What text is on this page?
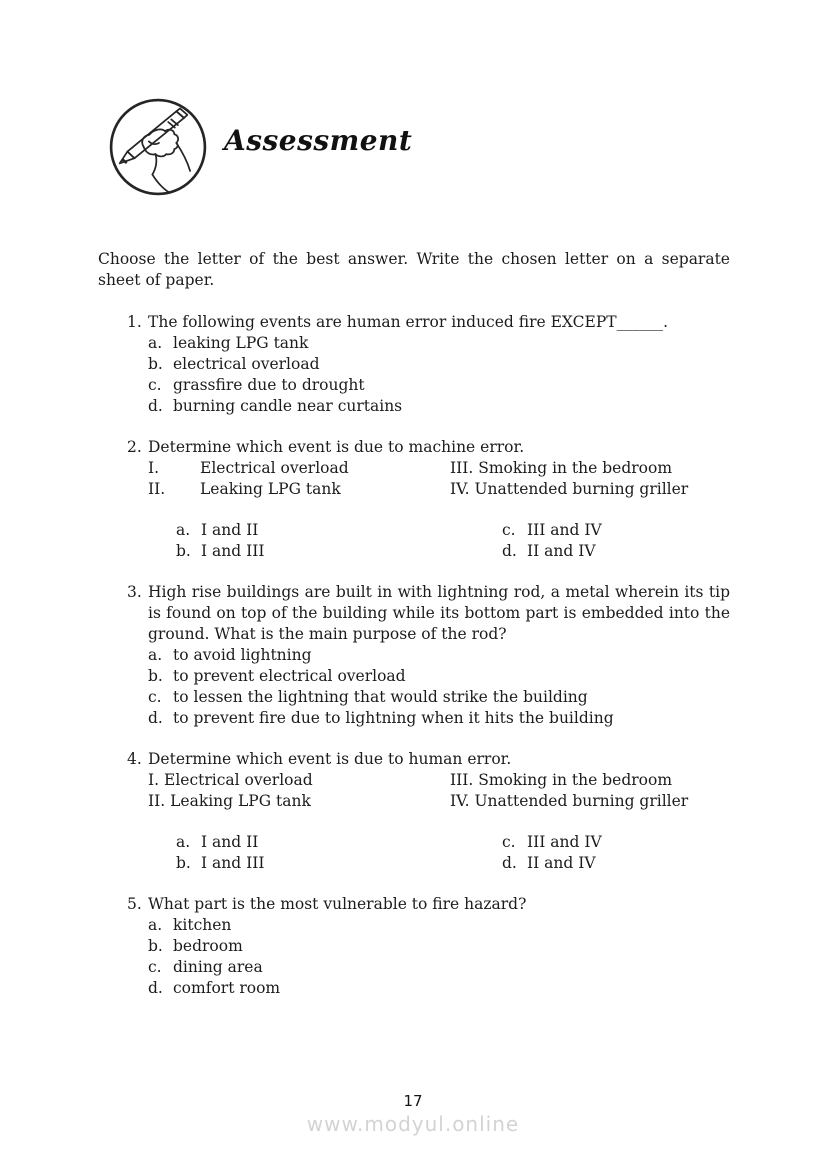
Assessment

Choose the letter of the best answer. Write the chosen letter on a separate sheet of paper.

1. The following events are human error induced fire EXCEPT______.
a. leaking LPG tank
b. electrical overload
c. grassfire due to drought
d. burning candle near curtains
2. Determine which event is due to machine error.
I.	Electrical overload	III. Smoking in the bedroom
II.	Leaking LPG tank	IV. Unattended burning griller
a. I and II	c. III and IV
b. I and III	d. II and IV
3. High rise buildings are built in with lightning rod, a metal wherein its tip is found on top of the building while its bottom part is embedded into the ground. What is the main purpose of the rod?
a. to avoid lightning
b. to prevent electrical overload
c. to lessen the lightning that would strike the building
d. to prevent fire due to lightning when it hits the building
4. Determine which event is due to human error.
I. Electrical overload	III. Smoking in the bedroom
II. Leaking LPG tank	IV. Unattended burning griller
a. I and II	c. III and IV
b. I and III	d. II and IV
5. What part is the most vulnerable to fire hazard?
a. kitchen
b. bedroom
c. dining area
d. comfort room
17
www.modyul.online
